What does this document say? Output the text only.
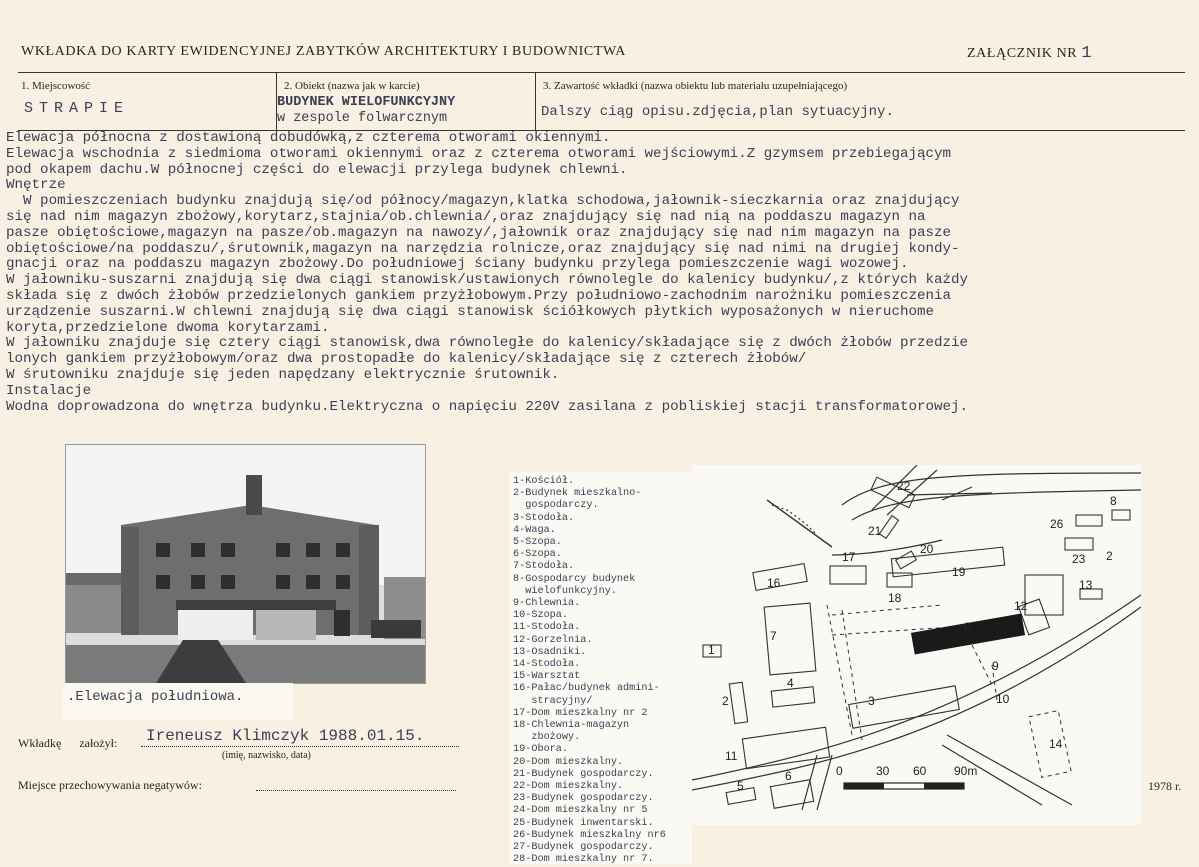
WKŁADKA DO KARTY EWIDENCYJNEJ ZABYTKÓW ARCHITEKTURY I BUDOWNICTWA	ZAŁĄCZNIK NR 1
1. Miejscowość
STRAPIE
2. Obiekt (nazwa jak w karcie)
BUDYNEK WIELOFUNKCYJNY
w zespole folwarcznym
3. Zawartość wkładki (nazwa obiektu lub materiału uzupełniającego)
Dalszy ciąg opisu.zdjęcia,plan sytuacyjny.
Elewacja północna z dostawioną dobudówką,z czterema otworami okiennymi.
Elewacja wschodnia z siedmioma otworami okiennymi oraz z czterema otworami wejściowymi.Z gzymsem przebiegającym
pod okapem dachu.W północnej części do elewacji przylega budynek chlewni.
Wnętrze
W pomieszczeniach budynku znajdują się/od północy/magazyn,klatka schodowa,jałownik-sieczkarnia oraz znajdujący
się nad nim magazyn zbożowy,korytarz,stajnia/ob.chlewnia/,oraz znajdujący się nad nią na poddaszu magazyn na
pasze obiętościowe,magazyn na pasze/ob.magazyn na nawozy/,jałownik oraz znajdujący się nad nim magazyn na pasze
obiętościowe/na poddaszu/,śrutownik,magazyn na narzędzia rolnicze,oraz znajdujący się nad nimi na drugiej kondy-
gnacji oraz na poddaszu magazyn zbożowy.Do południowej ściany budynku przylega pomieszczenie wagi wozowej.
W jałowniku-suszarni znajdują się dwa ciągi stanowisk/ustawionych równolegle do kalenicy budynku/,z których każdy
składa się z dwóch żłobów przedzielonych gankiem przyżłobowym.Przy południowo-zachodnim narożniku pomieszczenia
urządzenie suszarni.W chlewni znajdują się dwa ciągi stanowisk ściółkowych płytkich wyposażonych w nieruchome
koryta,przedzielone dwoma korytarzami.
W jałowniku znajduje się cztery ciągi stanowisk,dwa równoległe do kalenicy/składające się z dwóch żłobów przedzie
lonych gankiem przyżłobowym/oraz dwa prostopadłe do kalenicy/składające się z czterech żłobów/
W śrutowniku znajduje się jeden napędzany elektrycznie śrutownik.
Instalacje
Wodna doprowadzona do wnętrza budynku.Elektryczna o napięciu 220V zasilana z pobliskiej stacji transformatorowej.
.Elewacja południowa.
1-Kościół.
2-Budynek mieszkalno-
gospodarczy.
3-Stodoła.
4-Waga.
5-Szopa.
6-Szopa.
7-Stodoła.
8-Gospodarcy budynek
wielofunkcyjny.
9-Chlewnia.
10-Szopa.
11-Stodoła.
12-Gorzelnia.
13-Osadniki.
14-Stodoła.
15-Warsztat
16-Pałac/budynek admini-
stracyjny/
17-Dom mieszkalny nr 2
18-Chlewnia-magazyn
zbożowy.
19-Obora.
20-Dom mieszkalny.
21-Budynek gospodarczy.
22-Dom mieszkalny.
23-Budynek gospodarczy.
24-Dom mieszkalny nr 5
25-Budynek inwentarski.
26-Budynek mieszkalny nr6
27-Budynek gospodarczy.
28-Dom mieszkalny nr 7.
22
21
20
17
16
19
18
12
13
26
23
8
2
8
9
10
4
2	3
11
5
6
14
1
7
0	30 60 90m
Wkładkę założył: Ireneusz Klimczyk 1988.01.15.
(imię, nazwisko, data)
Miejsce przechowywania negatywów:	1978 r.
